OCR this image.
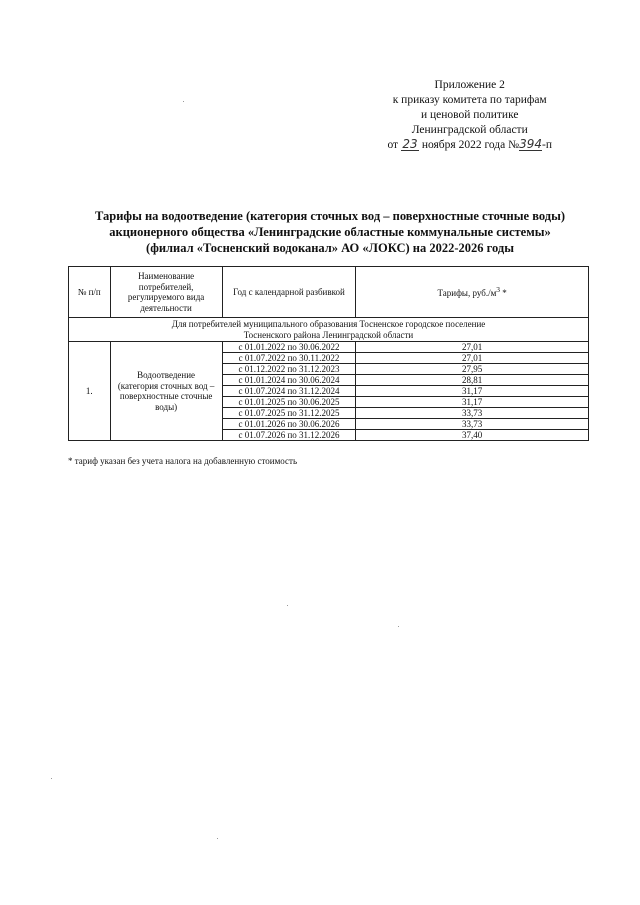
Приложение 2
к приказу комитета по тарифам
и ценовой политике
Ленинградской области
от 23 ноября 2022 года №394-п
Тарифы на водоотведение (категория сточных вод – поверхностные сточные воды)
акционерного общества «Ленинградские областные коммунальные системы»
(филиал «Тосненский водоканал» АО «ЛОКС) на 2022-2026 годы
№ п/п	Наименование потребителей, регулируемого вида деятельности	Год с календарной разбивкой	Тарифы, $руб./м^3$ *

Для потребителей муниципального образования Тосненское городское поселение
Тосненского района Ленинградской области			

1.	Водоотведение
(категория сточных вод –
поверхностные сточные
воды)	с 01.01.2022 по 30.06.2022	27,01
		с 01.07.2022 по 30.11.2022	27,01
		с 01.12.2022 по 31.12.2023	27,95
		с 01.01.2024 по 30.06.2024	28,81
		с 01.07.2024 по 31.12.2024	31,17
		с 01.01.2025 по 30.06.2025	31,17
		с 01.07.2025 по 31.12.2025	33,73
		с 01.01.2026 по 30.06.2026	33,73
		с 01.07.2026 по 31.12.2026	37,40
* тариф указан без учета налога на добавленную стоимость
